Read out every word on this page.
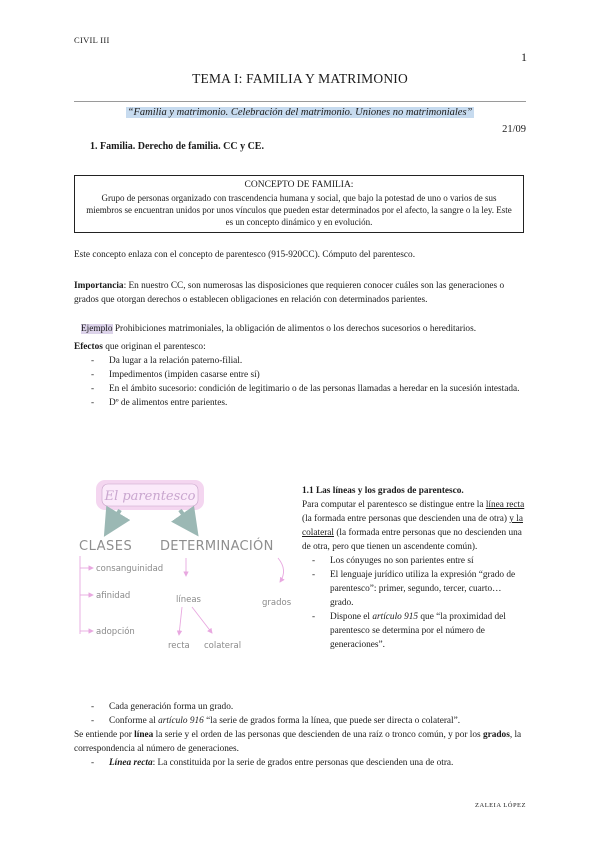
CIVIL III
1
TEMA I: FAMILIA Y MATRIMONIO
“Familia y matrimonio. Celebración del matrimonio. Uniones no matrimoniales”
21/09
1. Familia. Derecho de familia. CC y CE.
CONCEPTO DE FAMILIA:
Grupo de personas organizado con trascendencia humana y social, que bajo la potestad de uno o varios de sus miembros se encuentran unidos por unos vínculos que pueden estar determinados por el afecto, la sangre o la ley. Este es un concepto dinámico y en evolución.
Este concepto enlaza con el concepto de parentesco (915-920CC). Cómputo del parentesco.
Importancia: En nuestro CC, son numerosas las disposiciones que requieren conocer cuáles son las generaciones o grados que otorgan derechos o establecen obligaciones en relación con determinados parientes.
Ejemplo Prohibiciones matrimoniales, la obligación de alimentos o los derechos sucesorios o hereditarios.
Efectos que originan el parentesco:
- Da lugar a la relación paterno-filial.
- Impedimentos (impiden casarse entre sí)
- En el ámbito sucesorio: condición de legitimario o de las personas llamadas a heredar en la sucesión intestada.
- Dº de alimentos entre parientes.
El parentesco
CLASES DETERMINACIÓN
consanguinidad
afinidad
adopción
líneas	grados
recta colateral
1.1 Las líneas y los grados de parentesco.
Para computar el parentesco se distingue entre la línea recta (la formada entre personas que descienden una de otra) y la colateral (la formada entre personas que no descienden una de otra, pero que tienen un ascendente común).
- Los cónyuges no son parientes entre sí
- El lenguaje jurídico utiliza la expresión “grado de parentesco”: primer, segundo, tercer, cuarto… grado.
- Dispone el artículo 915 que “la proximidad del parentesco se determina por el número de generaciones”.
- Cada generación forma un grado.
- Conforme al artículo 916 “la serie de grados forma la línea, que puede ser directa o colateral”.
Se entiende por línea la serie y el orden de las personas que descienden de una raíz o tronco común, y por los grados, la correspondencia al número de generaciones.
- Línea recta: La constituida por la serie de grados entre personas que descienden una de otra.
ZALEIA LÓPEZ
